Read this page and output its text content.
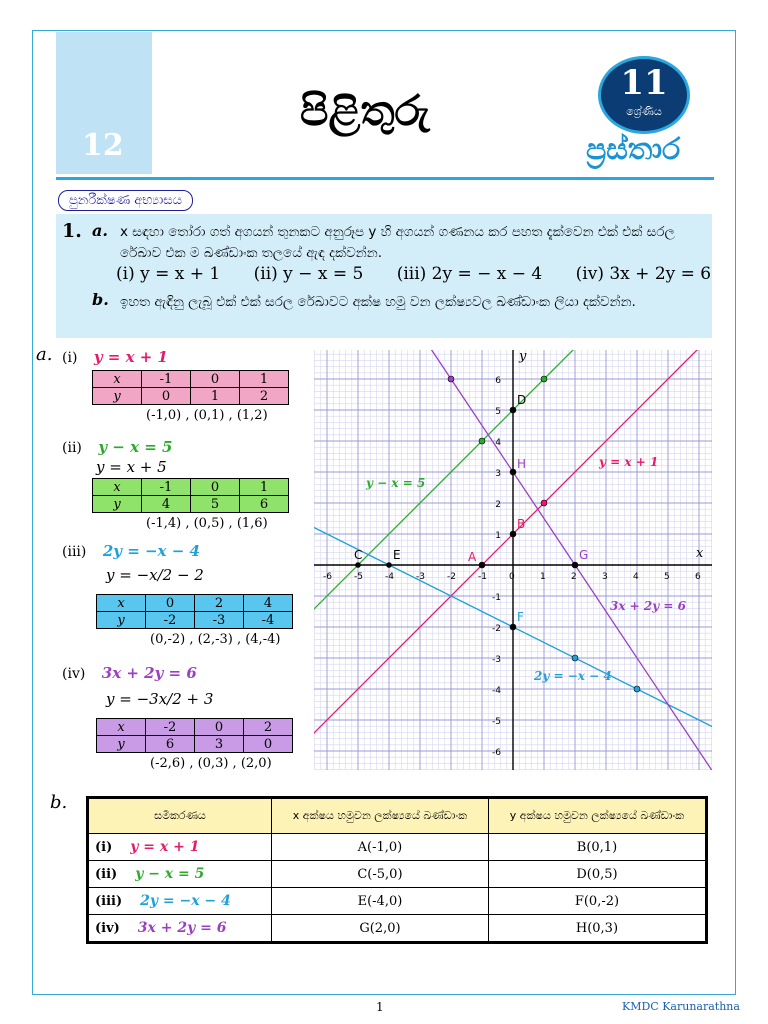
12
පිළිතුරු
11
ශ්‍රේණිය
ප්‍රස්තාර
පුනරීක්ෂණ අභ්‍යාසය
1. a. x සඳහා තෝරා ගත් අගයන් තුනකට අනුරූප y හි අගයන් ගණනය කර පහත දැක්වෙන එක් එක් සරල රේඛාව එක ම ඛණ්ඩාංක තලයේ ඇඳ දක්වන්න.
(i) y = x + 1 (ii) y − x = 5 (iii) 2y = − x − 4 (iv) 3x + 2y = 6
b. ඉහත ඇඳිනු ලැබූ එක් එක් සරල රේඛාවට අක්ෂ හමු වන ලක්ෂ්‍යවල ඛණ්ඩාංක ලියා දක්වන්න.
a. (i) y = x + 1
x	-1	0	1
y	0	1	2
(-1,0) , (0,1) , (1,2)
(ii) y − x = 5
y = x + 5
x	-1	0	1
y	4	5	6
(-1,4) , (0,5) , (1,6)
(iii) 2y = −x − 4
y = −x/2 − 2
x	0	2	4
y	-2	-3	-4
(0,-2) , (2,-3) , (4,-4)
(iv) 3x + 2y = 6
y = −3x/2 + 3
x	-2	0	2
y	6	3	0
(-2,6) , (0,3) , (2,0)
x
y
-6 -5 -4 -3 -2 -1 0	1	2	3	4	5	6
-6
-5
-4
-3
-2
-1
1
2
3
4
5
6
A
B
C
D
E
F
G
H
y − x = 5
y = x + 1
3x + 2y = 6
2y = −x − 4
b.
සමීකරණය	x අක්ෂය හමුවන ලක්ෂ්‍යයේ ඛණ්ඩාංක	y අක්ෂය හමුවන ලක්ෂ්‍යයේ ඛණ්ඩාංක
(i) y = x + 1	A(-1,0)	B(0,1)
(ii) y − x = 5	C(-5,0)	D(0,5)
(iii) 2y = −x − 4	E(-4,0)	F(0,-2)
(iv) 3x + 2y = 6	G(2,0)	H(0,3)
1	KMDC Karunarathna
